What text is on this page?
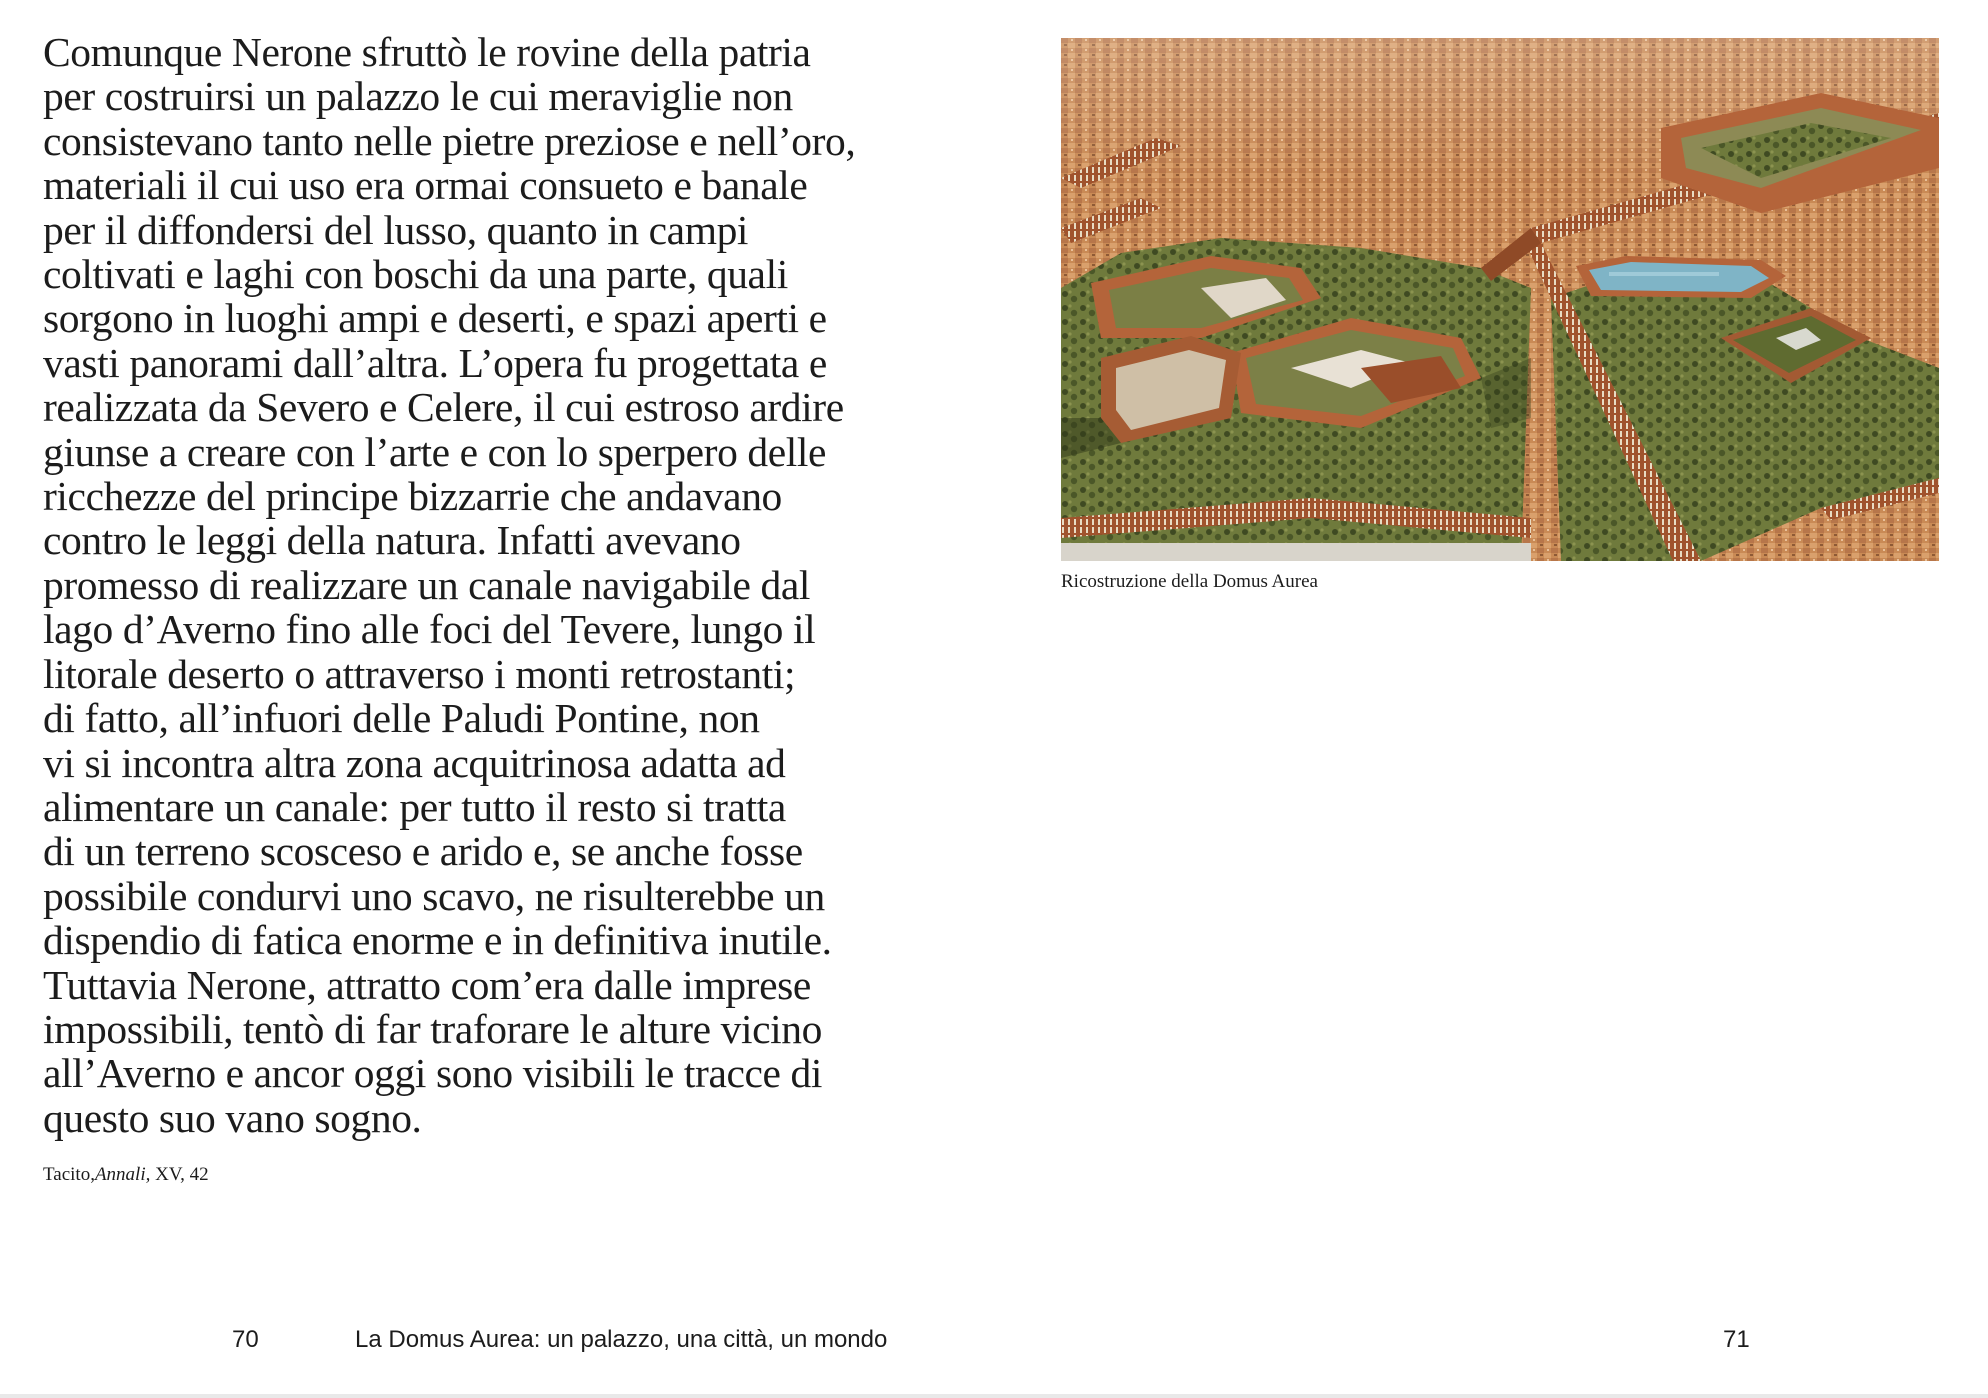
Comunque Nerone sfruttò le rovine della patria
per costruirsi un palazzo le cui meraviglie non
consistevano tanto nelle pietre preziose e nell’oro,
materiali il cui uso era ormai consueto e banale
per il diffondersi del lusso, quanto in campi
coltivati e laghi con boschi da una parte, quali
sorgono in luoghi ampi e deserti, e spazi aperti e
vasti panorami dall’altra. L’opera fu progettata e
realizzata da Severo e Celere, il cui estroso ardire
giunse a creare con l’arte e con lo sperpero delle
ricchezze del principe bizzarrie che andavano
contro le leggi della natura. Infatti avevano
promesso di realizzare un canale navigabile dal
lago d’Averno fino alle foci del Tevere, lungo il
litorale deserto o attraverso i monti retrostanti;
di fatto, all’infuori delle Paludi Pontine, non
vi si incontra altra zona acquitrinosa adatta ad
alimentare un canale: per tutto il resto si tratta
di un terreno scosceso e arido e, se anche fosse
possibile condurvi uno scavo, ne risulterebbe un
dispendio di fatica enorme e in definitiva inutile.
Tuttavia Nerone, attratto com’era dalle imprese
impossibili, tentò di far traforare le alture vicino
all’Averno e ancor oggi sono visibili le tracce di
questo suo vano sogno.
Tacito,Annali, XV, 42
Ricostruzione della Domus Aurea
70	La Domus Aurea: un palazzo, una città, un mondo	71
